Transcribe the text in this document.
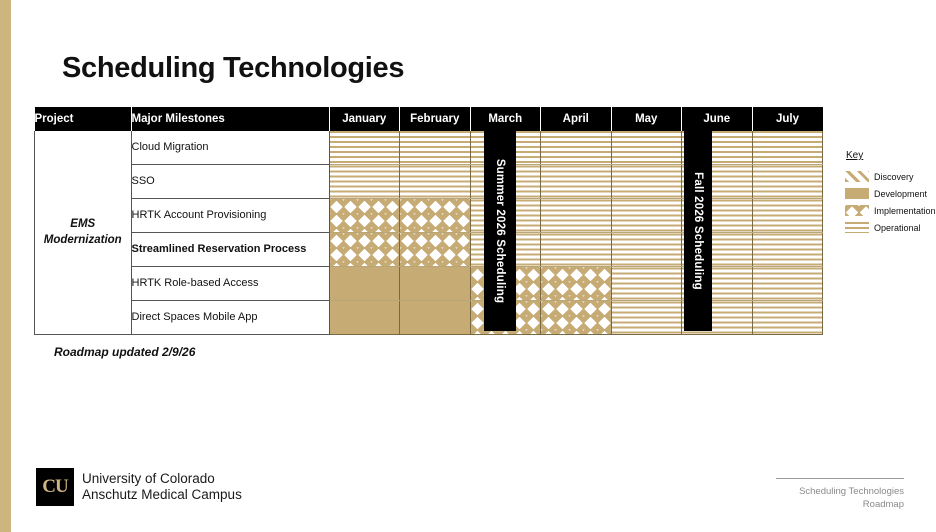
Scheduling Technologies
Project	Major Milestones	January	February	March	April	May	June	July
EMS Modernization	Cloud Migration							
	SSO							
	HRTK Account Provisioning							
	Streamlined Reservation Process							
	HRTK Role-based Access							
	Direct Spaces Mobile App							
Summer 2026 Scheduling	Fall 2026 Scheduling
Roadmap updated 2/9/26
Key
Discovery
Development
Implementation
Operational
CU	University of Colorado
Anschutz Medical Campus	Scheduling Technologies
Roadmap
